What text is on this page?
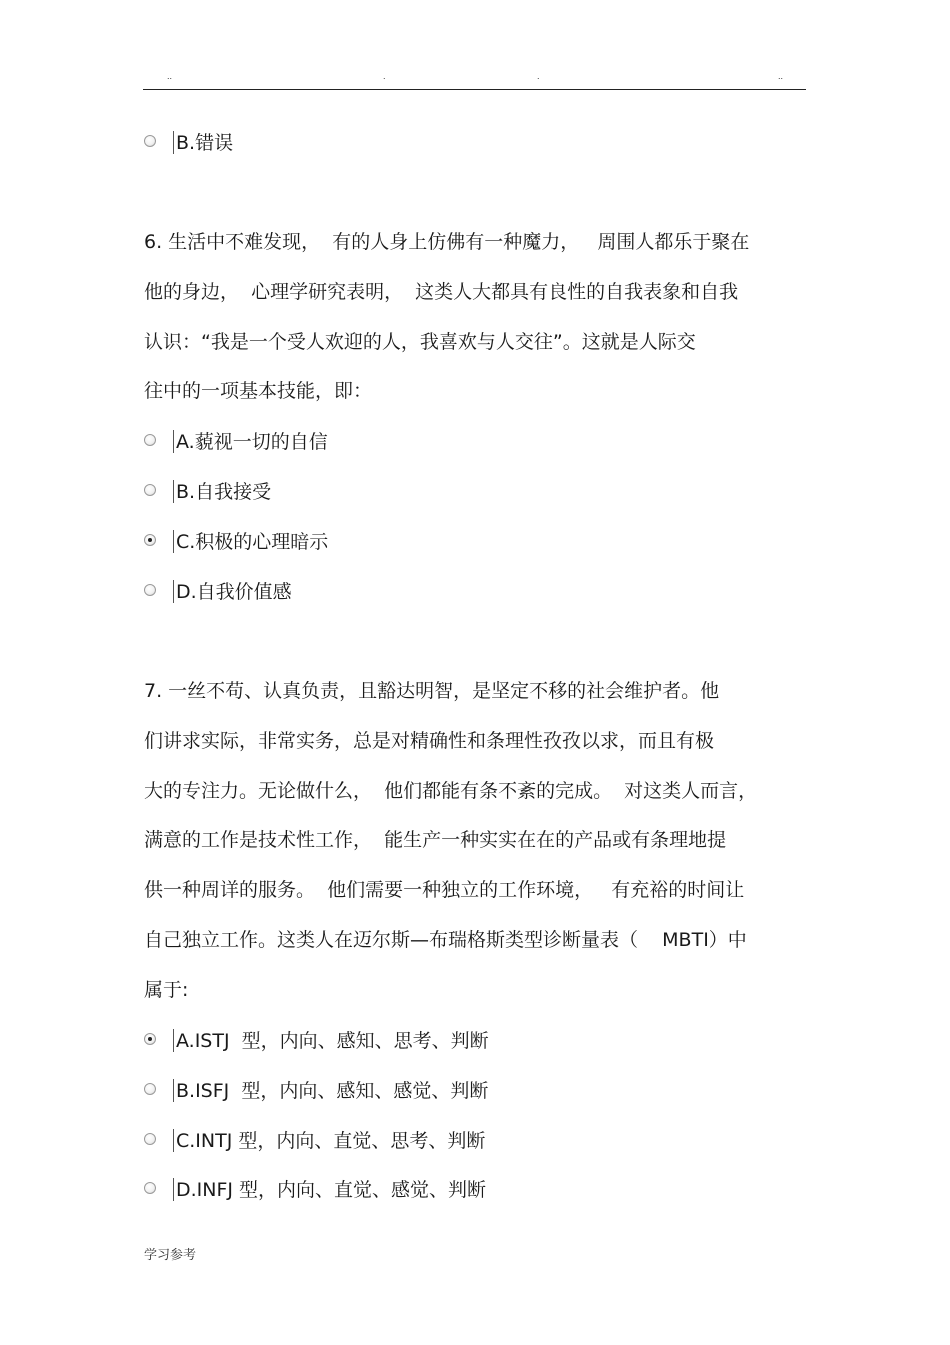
..	.	.	..
B.错误
6. 生活中不难发现，  有的人身上仿佛有一种魔力，   周围人都乐于聚在
他的身边，  心理学研究表明，  这类人大都具有良性的自我表象和自我
认识：“我是一个受人欢迎的人，我喜欢与人交往”。这就是人际交
往中的一项基本技能，即：
A.藐视一切的自信
B.自我接受
C.积极的心理暗示
D.自我价值感
7. 一丝不苟、认真负责，且豁达明智，是坚定不移的社会维护者。他
们讲求实际，非常实务，总是对精确性和条理性孜孜以求，而且有极
大的专注力。无论做什么，  他们都能有条不紊的完成。  对这类人而言，
满意的工作是技术性工作，  能生产一种实实在在的产品或有条理地提
供一种周详的服务。  他们需要一种独立的工作环境，   有充裕的时间让
自己独立工作。这类人在迈尔斯—布瑞格斯类型诊断量表（    MBTI）中
属于:
A.ISTJ  型，内向、感知、思考、判断
B.ISFJ  型，内向、感知、感觉、判断
C.INTJ 型，内向、直觉、思考、判断
D.INFJ 型，内向、直觉、感觉、判断
学习参考
